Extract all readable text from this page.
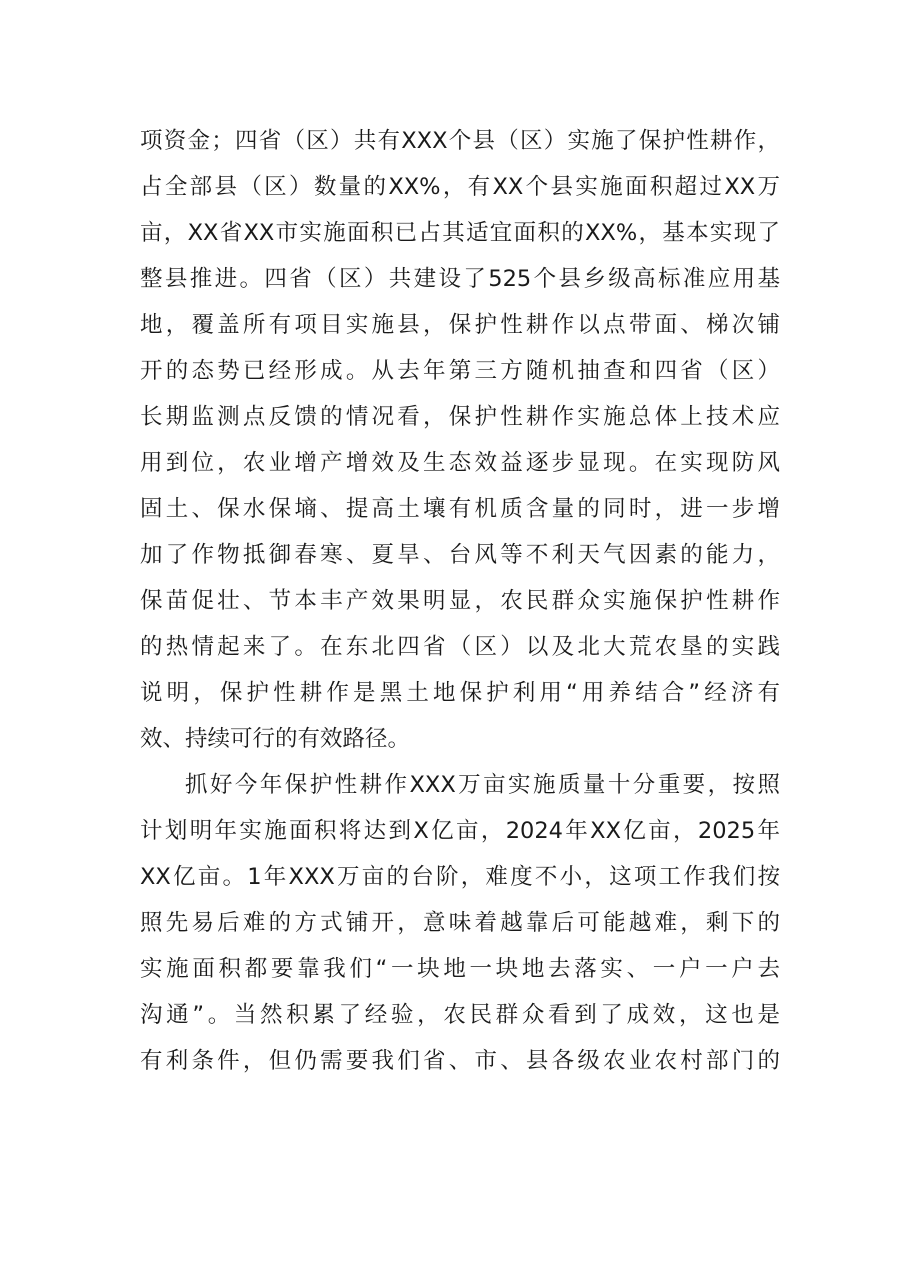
项资金；四省（区）共有XXX个县（区）实施了保护性耕作，
占全部县（区）数量的XX%，有XX个县实施面积超过XX万
亩，XX省XX市实施面积已占其适宜面积的XX%，基本实现了
整县推进。四省（区）共建设了525个县乡级高标准应用基
地，覆盖所有项目实施县，保护性耕作以点带面、梯次铺
开的态势已经形成。从去年第三方随机抽查和四省（区）
长期监测点反馈的情况看，保护性耕作实施总体上技术应
用到位，农业增产增效及生态效益逐步显现。在实现防风
固土、保水保墒、提高土壤有机质含量的同时，进一步增
加了作物抵御春寒、夏旱、台风等不利天气因素的能力，
保苗促壮、节本丰产效果明显，农民群众实施保护性耕作
的热情起来了。在东北四省（区）以及北大荒农垦的实践
说明，保护性耕作是黑土地保护利用“用养结合”经济有
效、持续可行的有效路径。
抓好今年保护性耕作XXX万亩实施质量十分重要，按照
计划明年实施面积将达到X亿亩，2024年XX亿亩，2025年
XX亿亩。1年XXX万亩的台阶，难度不小，这项工作我们按
照先易后难的方式铺开，意味着越靠后可能越难，剩下的
实施面积都要靠我们“一块地一块地去落实、一户一户去
沟通”。当然积累了经验，农民群众看到了成效，这也是
有利条件，但仍需要我们省、市、县各级农业农村部门的
